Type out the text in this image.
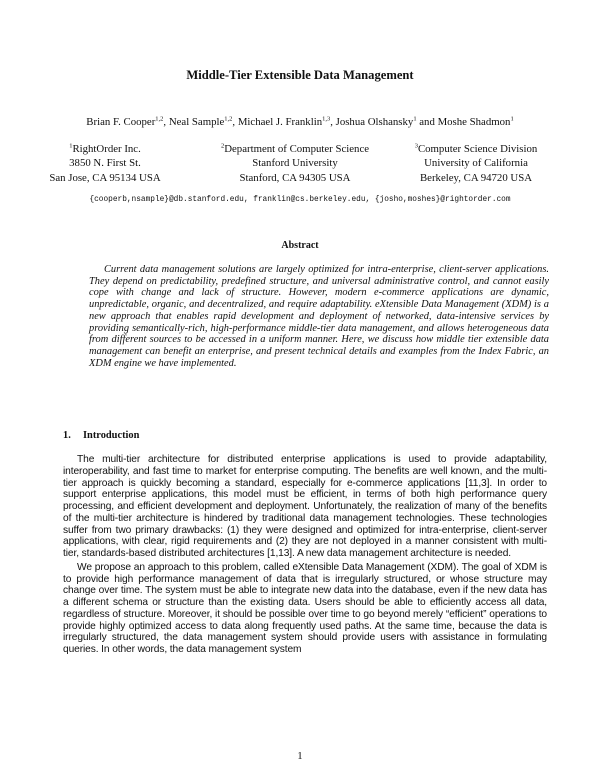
Middle-Tier Extensible Data Management
Brian F. Cooper$^{1,2}$, Neal Sample$^{1,2}$, Michael J. Franklin$^{1,3}$, Joshua Olshansky$^1$ and Moshe Shadmon$^1$
$^1$RightOrder Inc.
3850 N. First St.
San Jose, CA 95134 USA
$^2$Department of Computer Science
Stanford University
Stanford, CA 94305 USA
$^3$Computer Science Division
University of California
Berkeley, CA 94720 USA
{cooperb,nsample}@db.stanford.edu, franklin@cs.berkeley.edu, {josho,moshes}@rightorder.com
Abstract

Current data management solutions are largely optimized for intra-enterprise, client-server applications. They depend on predictability, predefined structure, and universal administrative control, and cannot easily cope with change and lack of structure. However, modern e-commerce applications are dynamic, unpredictable, organic, and decentralized, and require adaptability. eXtensible Data Management (XDM) is a new approach that enables rapid development and deployment of networked, data-intensive services by providing semantically-rich, high-performance middle-tier data management, and allows heterogeneous data from different sources to be accessed in a uniform manner. Here, we discuss how middle tier extensible data management can benefit an enterprise, and present technical details and examples from the Index Fabric, an XDM engine we have implemented.

1. Introduction

The multi-tier architecture for distributed enterprise applications is used to provide adaptability, interoperability, and fast time to market for enterprise computing. The benefits are well known, and the multi-tier approach is quickly becoming a standard, especially for e-commerce applications [11,3]. In order to support enterprise applications, this model must be efficient, in terms of both high performance query processing, and efficient development and deployment. Unfortunately, the realization of many of the benefits of the multi-tier architecture is hindered by traditional data management technologies. These technologies suffer from two primary drawbacks: (1) they were designed and optimized for intra-enterprise, client-server applications, with clear, rigid requirements and (2) they are not deployed in a manner consistent with multi-tier, standards-based distributed architectures [1,13]. A new data management architecture is needed.

We propose an approach to this problem, called eXtensible Data Management (XDM). The goal of XDM is to provide high performance management of data that is irregularly structured, or whose structure may change over time. The system must be able to integrate new data into the database, even if the new data has a different schema or structure than the existing data. Users should be able to efficiently access all data, regardless of structure. Moreover, it should be possible over time to go beyond merely “efficient” operations to provide highly optimized access to data along frequently used paths. At the same time, because the data is irregularly structured, the data management system should provide users with assistance in formulating queries. In other words, the data management system

1
